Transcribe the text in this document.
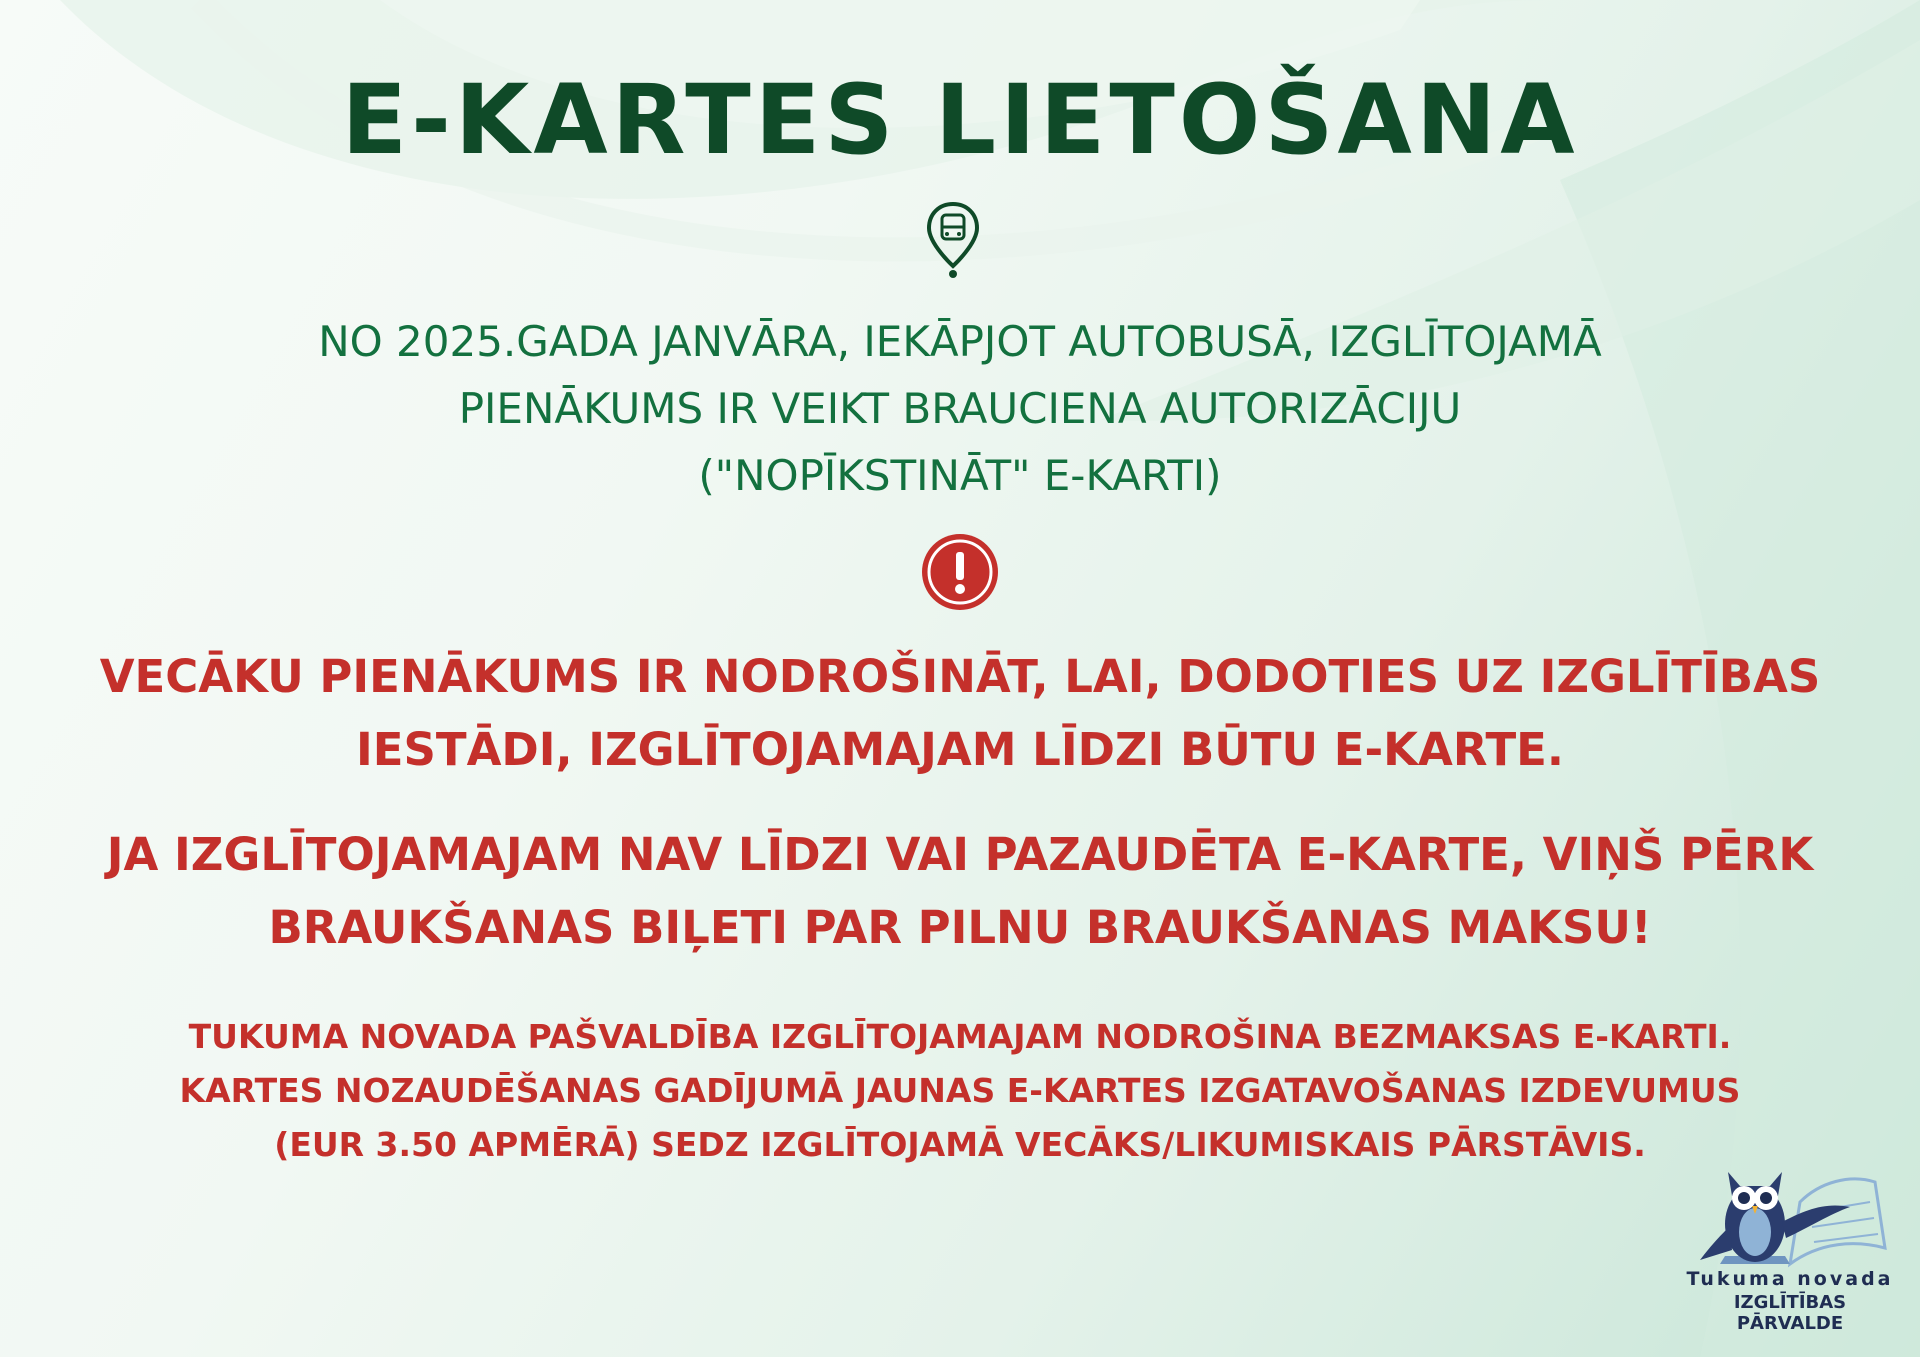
E-KARTES LIETOŠANA
NO 2025.GADA JANVĀRA, IEKĀPJOT AUTOBUSĀ, IZGLĪTOJAMĀ
PIENĀKUMS IR VEIKT BRAUCIENA AUTORIZĀCIJU
("NOPĪKSTINĀT" E-KARTI)
VECĀKU PIENĀKUMS IR NODROŠINĀT, LAI, DODOTIES UZ IZGLĪTĪBAS
IESTĀDI, IZGLĪTOJAMAJAM LĪDZI BŪTU E-KARTE.
JA IZGLĪTOJAMAJAM NAV LĪDZI VAI PAZAUDĒTA E-KARTE, VIŅŠ PĒRK
BRAUKŠANAS BIĻETI PAR PILNU BRAUKŠANAS MAKSU!
TUKUMA NOVADA PAŠVALDĪBA IZGLĪTOJAMAJAM NODROŠINA BEZMAKSAS E-KARTI.
KARTES NOZAUDĒŠANAS GADĪJUMĀ JAUNAS E-KARTES IZGATAVOŠANAS IZDEVUMUS
(EUR 3.50 APMĒRĀ) SEDZ IZGLĪTOJAMĀ VECĀKS/LIKUMISKAIS PĀRSTĀVIS.
Tukuma novada
IZGLĪTĪBAS PĀRVALDE
